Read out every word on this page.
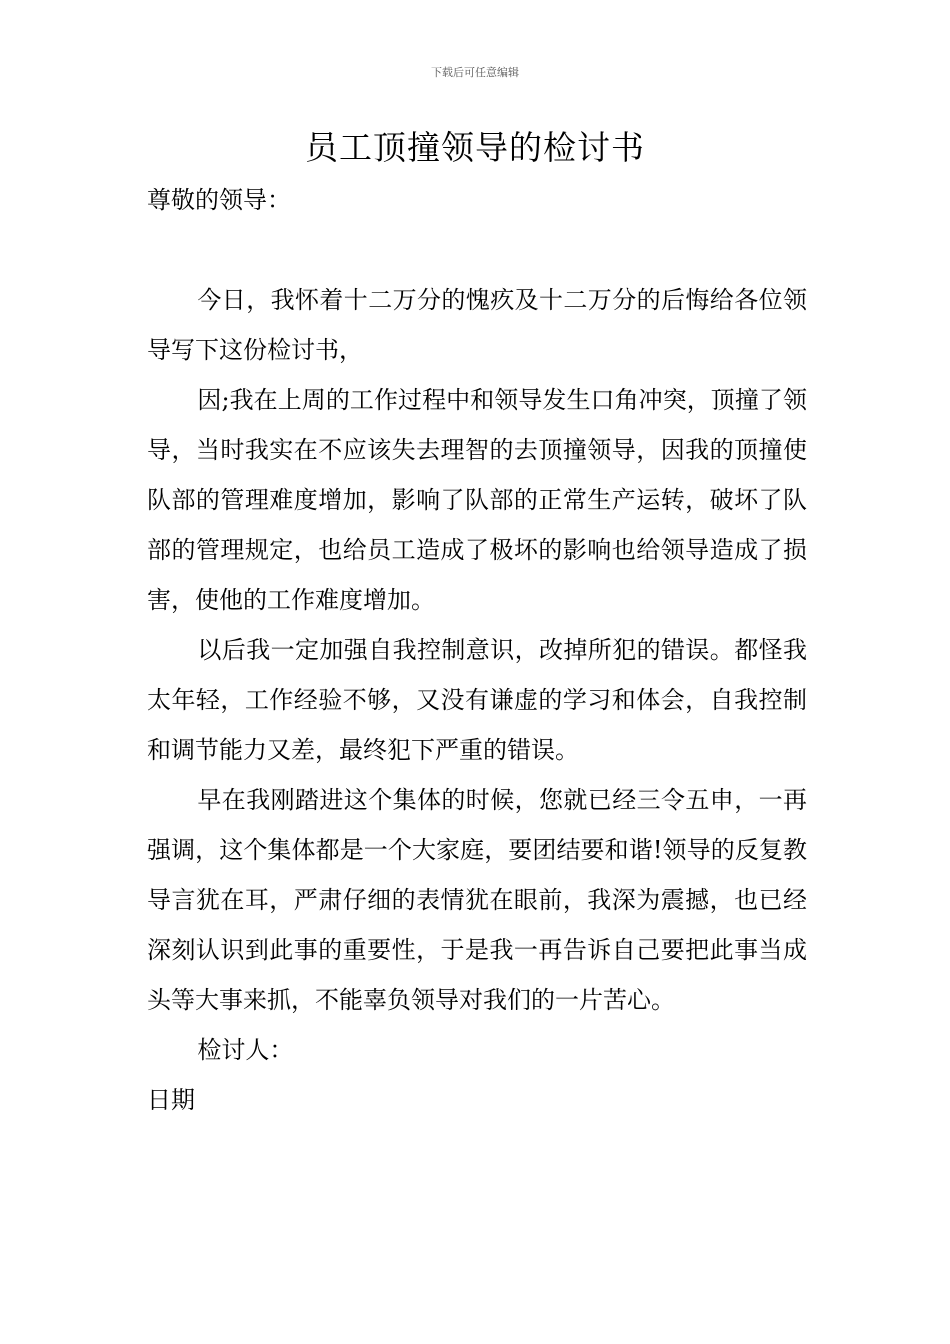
下载后可任意编辑
员工顶撞领导的检讨书

尊敬的领导：

今日，我怀着十二万分的愧疚及十二万分的后悔给各位领导写下这份检讨书，

因;我在上周的工作过程中和领导发生口角冲突，顶撞了领导，当时我实在不应该失去理智的去顶撞领导，因我的顶撞使队部的管理难度增加，影响了队部的正常生产运转，破坏了队部的管理规定，也给员工造成了极坏的影响也给领导造成了损害，使他的工作难度增加。

以后我一定加强自我控制意识，改掉所犯的错误。都怪我太年轻，工作经验不够，又没有谦虚的学习和体会，自我控制和调节能力又差，最终犯下严重的错误。

早在我刚踏进这个集体的时候，您就已经三令五申，一再强调，这个集体都是一个大家庭，要团结要和谐!领导的反复教导言犹在耳，严肃仔细的表情犹在眼前，我深为震撼，也已经深刻认识到此事的重要性，于是我一再告诉自己要把此事当成头等大事来抓，不能辜负领导对我们的一片苦心。

检讨人：

日期
